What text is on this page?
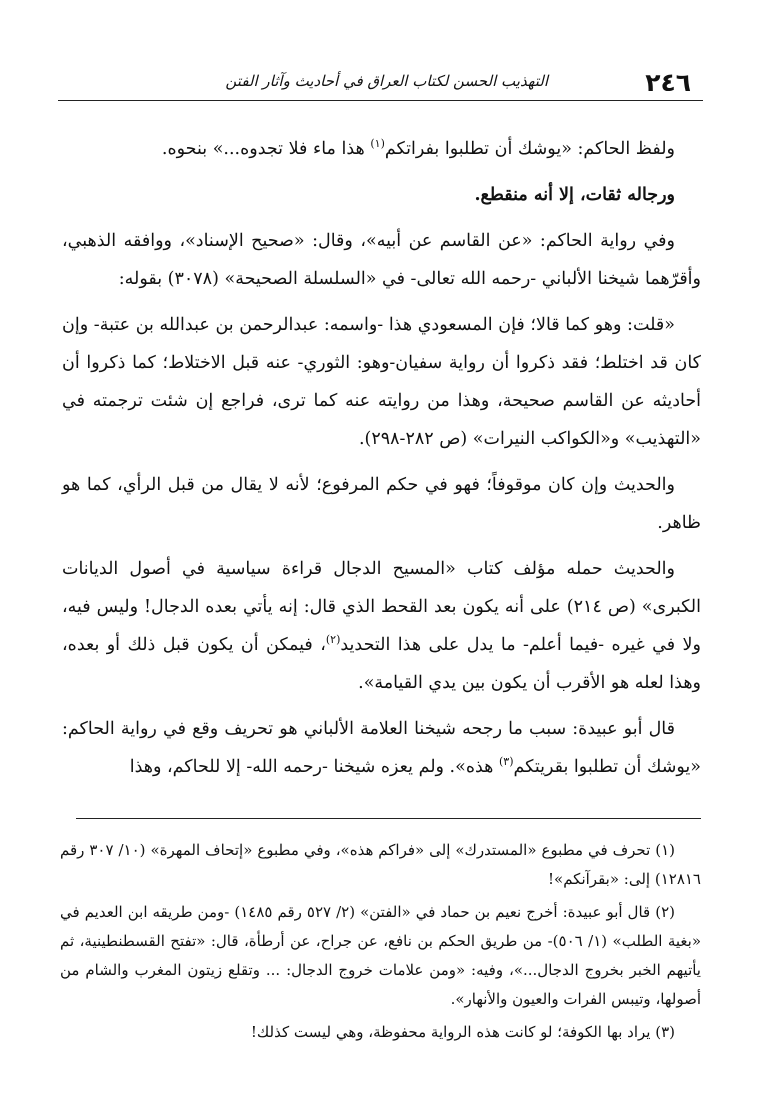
٢٤٦
التهذيب الحسن لكتاب العراق في أحاديث وآثار الفتن

ولفظ الحاكم: «يوشك أن تطلبوا بفراتكم$^{(١)}$ هذا ماء فلا تجدوه...» بنحوه.

ورجاله ثقات، إلا أنه منقطع.

وفي رواية الحاكم: «عن القاسم عن أبيه»، وقال: «صحيح الإسناد»، ووافقه الذهبي، وأقرّهما شيخنا الألباني -رحمه الله تعالى- في «السلسلة الصحيحة» (٣٠٧٨) بقوله:

«قلت: وهو كما قالا؛ فإن المسعودي هذا -واسمه: عبدالرحمن بن عبدالله بن عتبة- وإن كان قد اختلط؛ فقد ذكروا أن رواية سفيان-وهو: الثوري- عنه قبل الاختلاط؛ كما ذكروا أن أحاديثه عن القاسم صحيحة، وهذا من روايته عنه كما ترى، فراجع إن شئت ترجمته في «التهذيب» و«الكواكب النيرات» (ص ٢٨٢-٢٩٨).

والحديث وإن كان موقوفاً؛ فهو في حكم المرفوع؛ لأنه لا يقال من قبل الرأي، كما هو ظاهر.

والحديث حمله مؤلف كتاب «المسيح الدجال قراءة سياسية في أصول الديانات الكبرى» (ص ٢١٤) على أنه يكون بعد القحط الذي قال: إنه يأتي بعده الدجال! وليس فيه، ولا في غيره -فيما أعلم- ما يدل على هذا التحديد$^{(٢)}$، فيمكن أن يكون قبل ذلك أو بعده، وهذا لعله هو الأقرب أن يكون بين يدي القيامة».

قال أبو عبيدة: سبب ما رجحه شيخنا العلامة الألباني هو تحريف وقع في رواية الحاكم: «يوشك أن تطلبوا بقريتكم$^{(٣)}$ هذه». ولم يعزه شيخنا -رحمه الله- إلا للحاكم، وهذا

(١) تحرف في مطبوع «المستدرك» إلى «فراكم هذه»، وفي مطبوع «إتحاف المهرة» (١٠/ ٣٠٧ رقم ١٢٨١٦) إلى: «بقرآنكم»!

(٢) قال أبو عبيدة: أخرج نعيم بن حماد في «الفتن» (٢/ ٥٢٧ رقم ١٤٨٥) -ومن طريقه ابن العديم في «بغية الطلب» (١/ ٥٠٦)- من طريق الحكم بن نافع، عن جراح، عن أرطأة، قال: «تفتح القسطنطينية، ثم يأتيهم الخبر بخروج الدجال...»، وفيه: «ومن علامات خروج الدجال: ... وتقلع زيتون المغرب والشام من أصولها، وتيبس الفرات والعيون والأنهار».

(٣) يراد بها الكوفة؛ لو كانت هذه الرواية محفوظة، وهي ليست كذلك!
